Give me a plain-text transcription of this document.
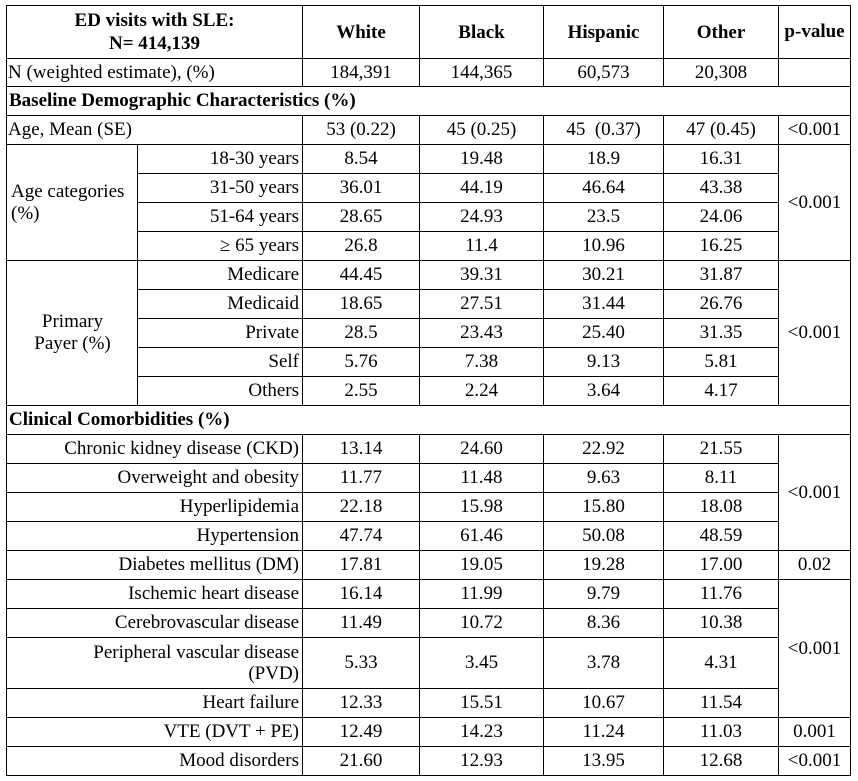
ED visits with SLE:
N= 414,139		White	Black	Hispanic	Other	p-value
N (weighted estimate), (%)		184,391	144,365	60,573	20,308	
Baseline Demographic Characteristics (%)						
Age, Mean (SE)		53 (0.22)	45 (0.25)	45  (0.37)	47 (0.45)	<0.001
Age categories (%)	18-30 years	8.54	19.48	18.9	16.31	<0.001
	31-50 years	36.01	44.19	46.64	43.38	
	51-64 years	28.65	24.93	23.5	24.06	
	≥ 65 years	26.8	11.4	10.96	16.25	
Primary Payer (%)	Medicare	44.45	39.31	30.21	31.87	<0.001
	Medicaid	18.65	27.51	31.44	26.76	
	Private	28.5	23.43	25.40	31.35	
	Self	5.76	7.38	9.13	5.81	
	Others	2.55	2.24	3.64	4.17	
Clinical Comorbidities (%)						
Chronic kidney disease (CKD)		13.14	24.60	22.92	21.55	<0.001
Overweight and obesity		11.77	11.48	9.63	8.11	
Hyperlipidemia		22.18	15.98	15.80	18.08	
Hypertension		47.74	61.46	50.08	48.59	
Diabetes mellitus (DM)		17.81	19.05	19.28	17.00	0.02
Ischemic heart disease		16.14	11.99	9.79	11.76	<0.001
Cerebrovascular disease		11.49	10.72	8.36	10.38	
Peripheral vascular disease (PVD)		5.33	3.45	3.78	4.31	
Heart failure		12.33	15.51	10.67	11.54	
VTE (DVT + PE)		12.49	14.23	11.24	11.03	0.001
Mood disorders		21.60	12.93	13.95	12.68	<0.001
